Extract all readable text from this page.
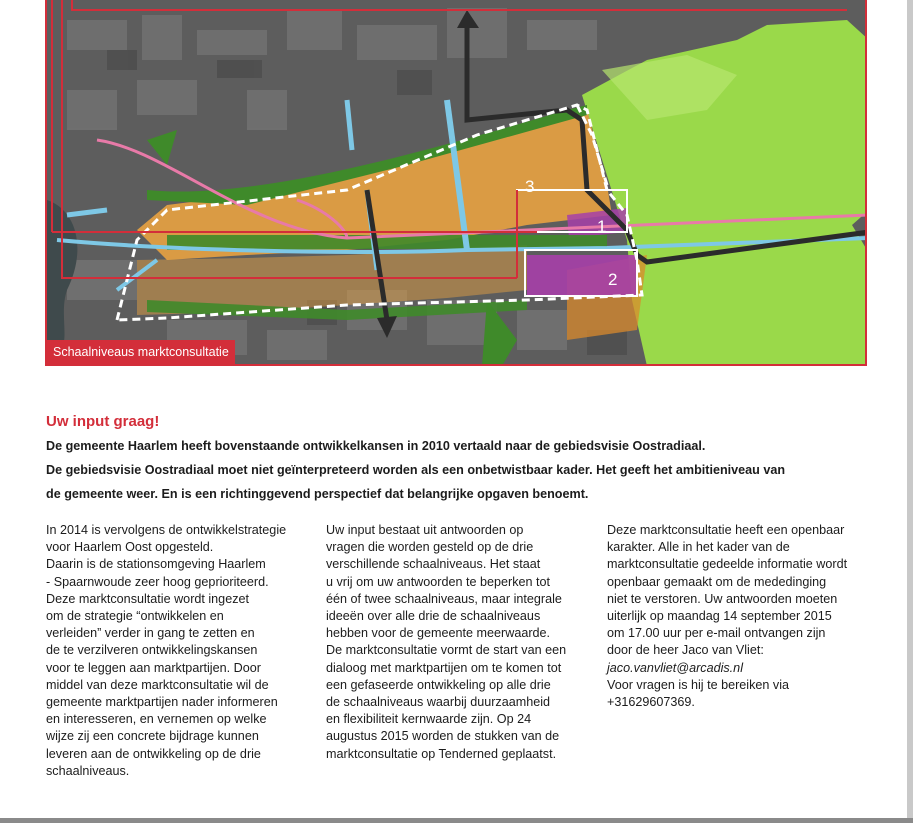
3
1
2
Schaalniveaus marktconsultatie
Uw input graag!
De gemeente Haarlem heeft bovenstaande ontwikkelkansen in 2010 vertaald naar de gebiedsvisie Oostradiaal.
De gebiedsvisie Oostradiaal moet niet geïnterpreteerd worden als een onbetwistbaar kader. Het geeft het ambitieniveau van
de gemeente weer. En is een richtinggevend perspectief dat belangrijke opgaven benoemt.

In 2014 is vervolgens de ontwikkelstrategie

voor Haarlem Oost opgesteld.

Daarin is de stationsomgeving Haarlem

- Spaarnwoude zeer hoog geprioriteerd.

Deze marktconsultatie wordt ingezet

om de strategie “ontwikkelen en

verleiden” verder in gang te zetten en

de te verzilveren ontwikkelingskansen

voor te leggen aan marktpartijen. Door

middel van deze marktconsultatie wil de

gemeente marktpartijen nader informeren

en interesseren, en vernemen op welke

wijze zij een concrete bijdrage kunnen

leveren aan de ontwikkeling op de drie

schaalniveaus.

Uw input bestaat uit antwoorden op

vragen die worden gesteld op de drie

verschillende schaalniveaus. Het staat

u vrij om uw antwoorden te beperken tot

één of twee schaalniveaus, maar integrale

ideeën over alle drie de schaalniveaus

hebben voor de gemeente meerwaarde.

De marktconsultatie vormt de start van een

dialoog met marktpartijen om te komen tot

een gefaseerde ontwikkeling op alle drie

de schaalniveaus waarbij duurzaamheid

en flexibiliteit kernwaarde zijn. Op 24

augustus 2015 worden de stukken van de

marktconsultatie op Tenderned geplaatst.

Deze marktconsultatie heeft een openbaar

karakter. Alle in het kader van de

marktconsultatie gedeelde informatie wordt

openbaar gemaakt om de mededinging

niet te verstoren. Uw antwoorden moeten

uiterlijk op maandag 14 september 2015

om 17.00 uur per e-mail ontvangen zijn

door de heer Jaco van Vliet:

jaco.vanvliet@arcadis.nl

Voor vragen is hij te bereiken via

+31629607369.
